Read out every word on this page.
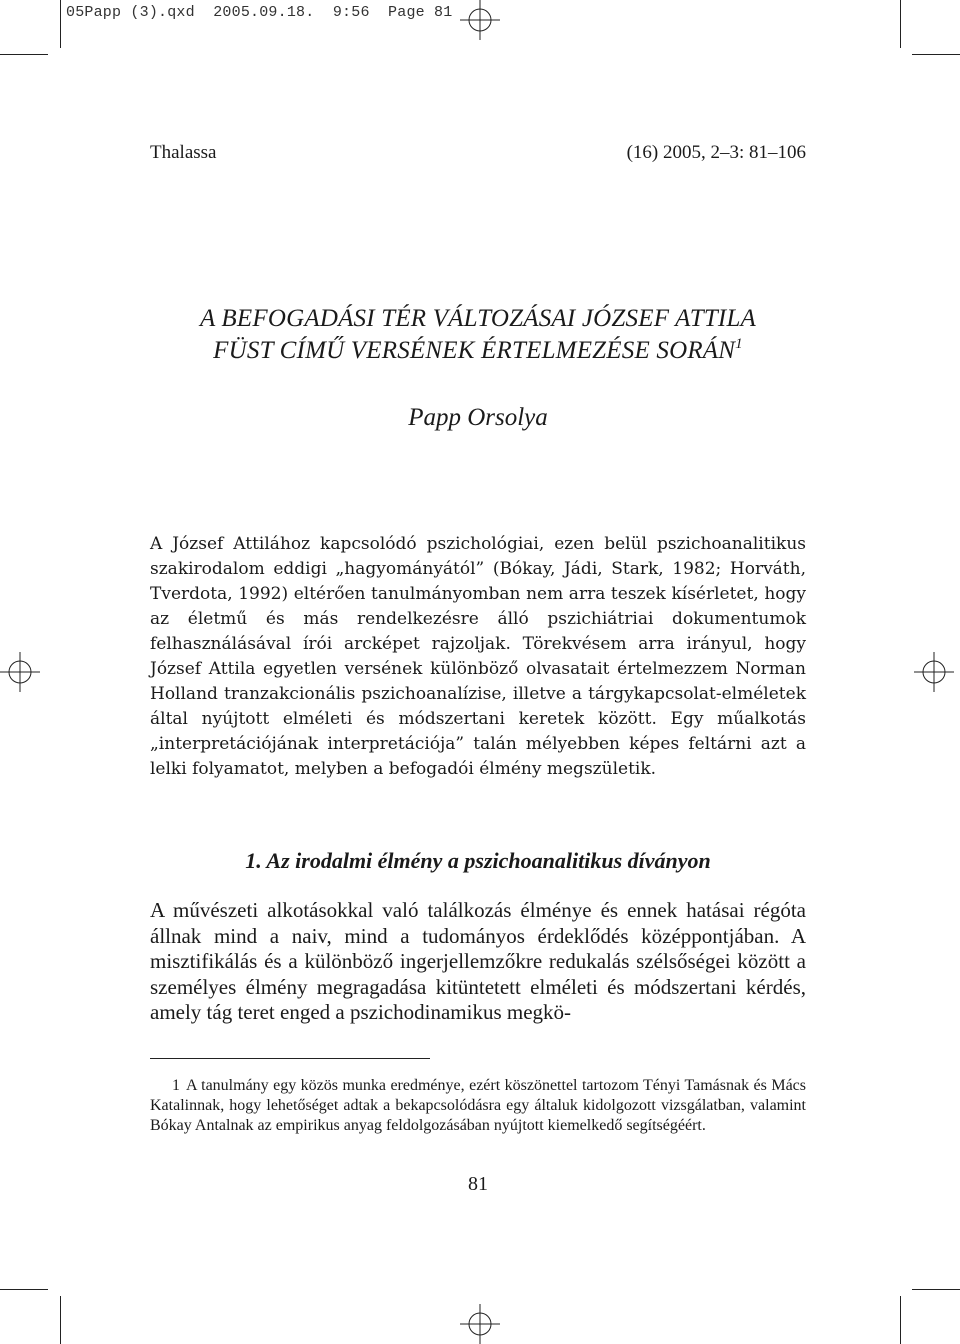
05Papp (3).qxd  2005.09.18.  9:56  Page 81
Thalassa	(16) 2005, 2–3: 81–106
A BEFOGADÁSI TÉR VÁLTOZÁSAI JÓZSEF ATTILA
FÜST CÍMŰ VERSÉNEK ÉRTELMEZÉSE SORÁN$^1$
Papp Orsolya

A József Attilához kapcsolódó pszichológiai, ezen belül pszichoanalitikus szakirodalom eddigi „hagyományától” (Bókay, Jádi, Stark, 1982; Horváth, Tverdota, 1992) eltérően tanulmányomban nem arra teszek kísérletet, hogy az életmű és más rendelkezésre álló pszichiátriai dokumentumok felhasználásával írói arcképet rajzoljak. Törekvésem arra irányul, hogy József Attila egyetlen versének különböző olvasatait értelmezzem Norman Holland tranzakcionális pszichoanalízise, illetve a tárgykapcsolat-elméletek által nyújtott elméleti és módszertani keretek között. Egy műalkotás „interpretációjának interpretációja” talán mélyebben képes feltárni azt a lelki folyamatot, melyben a befogadói élmény megszületik.

1. Az irodalmi élmény a pszichoanalitikus díványon

A művészeti alkotásokkal való találkozás élménye és ennek hatásai régóta állnak mind a naiv, mind a tudományos érdeklődés középpontjában. A misztifikálás és a különböző ingerjellemzőkre redukalás szélsőségei között a személyes élmény megragadása kitüntetett elméleti és módszertani kérdés, amely tág teret enged a pszichodinamikus megkö-

1 A tanulmány egy közös munka eredménye, ezért köszönettel tartozom Tényi Tamásnak és Mács Katalinnak, hogy lehetőséget adtak a bekapcsolódásra egy általuk kidolgozott vizsgálatban, valamint Bókay Antalnak az empirikus anyag feldolgozásában nyújtott kiemelkedő segítségéért.

81
